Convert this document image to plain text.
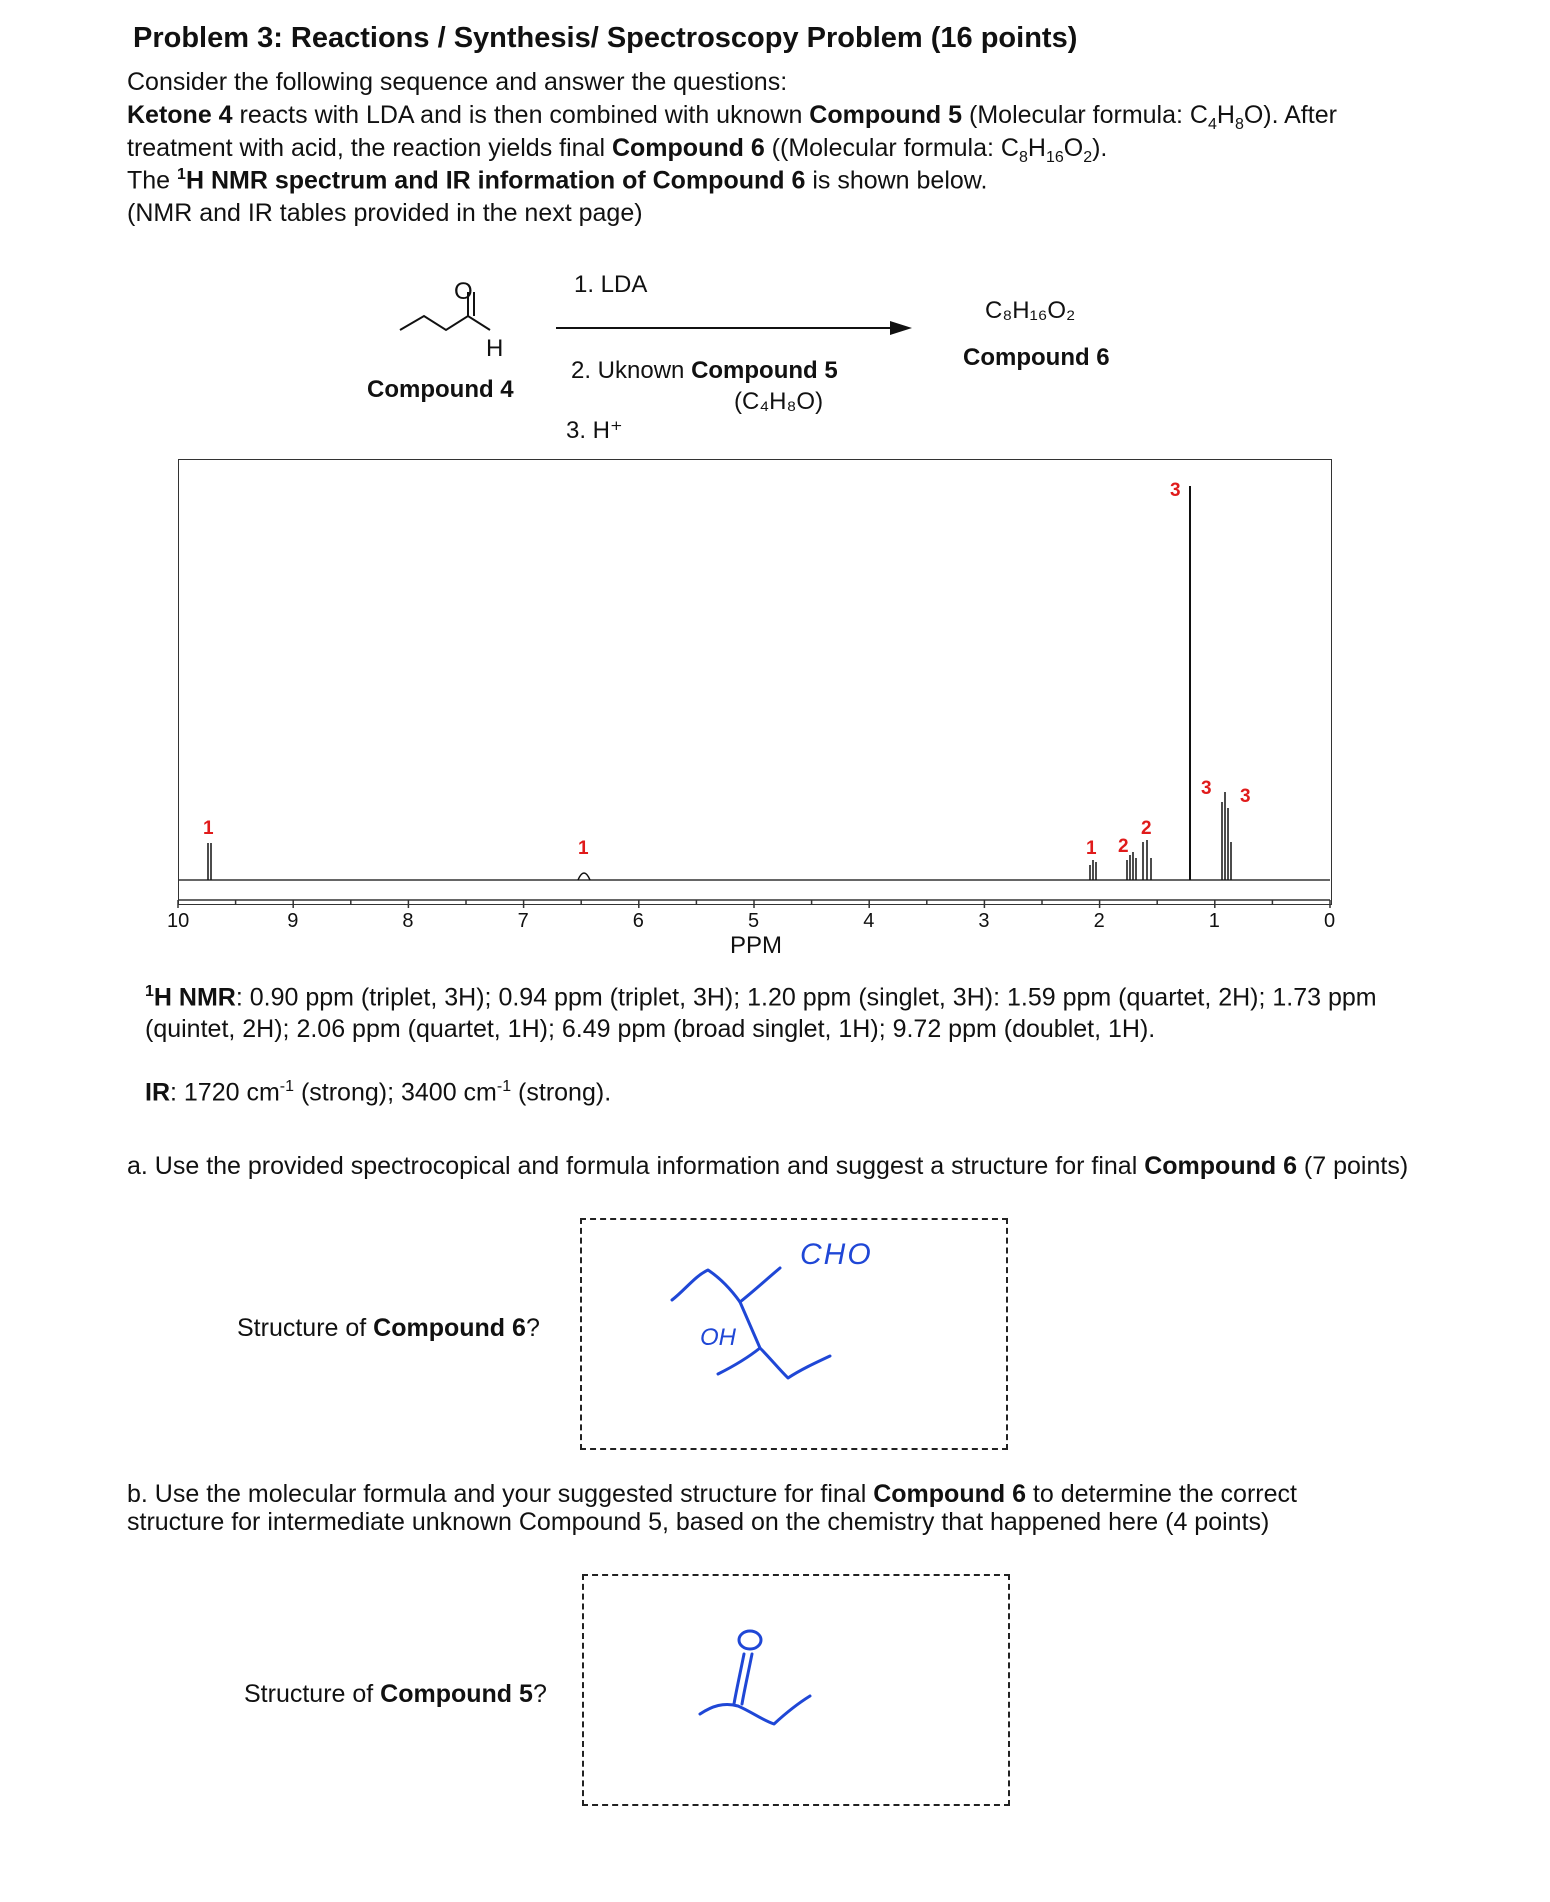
Problem 3: Reactions / Synthesis/ Spectroscopy Problem (16 points)
Consider the following sequence and answer the questions:
Ketone 4 reacts with LDA and is then combined with uknown Compound 5 (Molecular formula: $C_4H_8O$). After
treatment with acid, the reaction yields final Compound 6 ((Molecular formula: $C_8H_{16}O_2$).
The $^1$H NMR spectrum and IR information of Compound 6 is shown below.
(NMR and IR tables provided in the next page)
O
H
Compound 4
1. LDA
2. Uknown Compound 5
(C₄H₈O)
3. H⁺
C₈H₁₆O₂
Compound 6
10	9	8	7	6	5	4	3	2	1	0
1
1	1 2
2
3
3 3
PPM
$^1$H NMR: 0.90 ppm (triplet, 3H); 0.94 ppm (triplet, 3H); 1.20 ppm (singlet, 3H): 1.59 ppm (quartet, 2H); 1.73 ppm
(quintet, 2H); 2.06 ppm (quartet, 1H); 6.49 ppm (broad singlet, 1H); 9.72 ppm (doublet, 1H).
IR: 1720 $cm^{-1}$ (strong); 3400 $cm^{-1}$ (strong).
a. Use the provided spectrocopical and formula information and suggest a structure for final Compound 6 (7 points)
Structure of Compound 6?
CHO
OH
b. Use the molecular formula and your suggested structure for final Compound 6 to determine the correct
structure for intermediate unknown Compound 5, based on the chemistry that happened here (4 points)
Structure of Compound 5?
